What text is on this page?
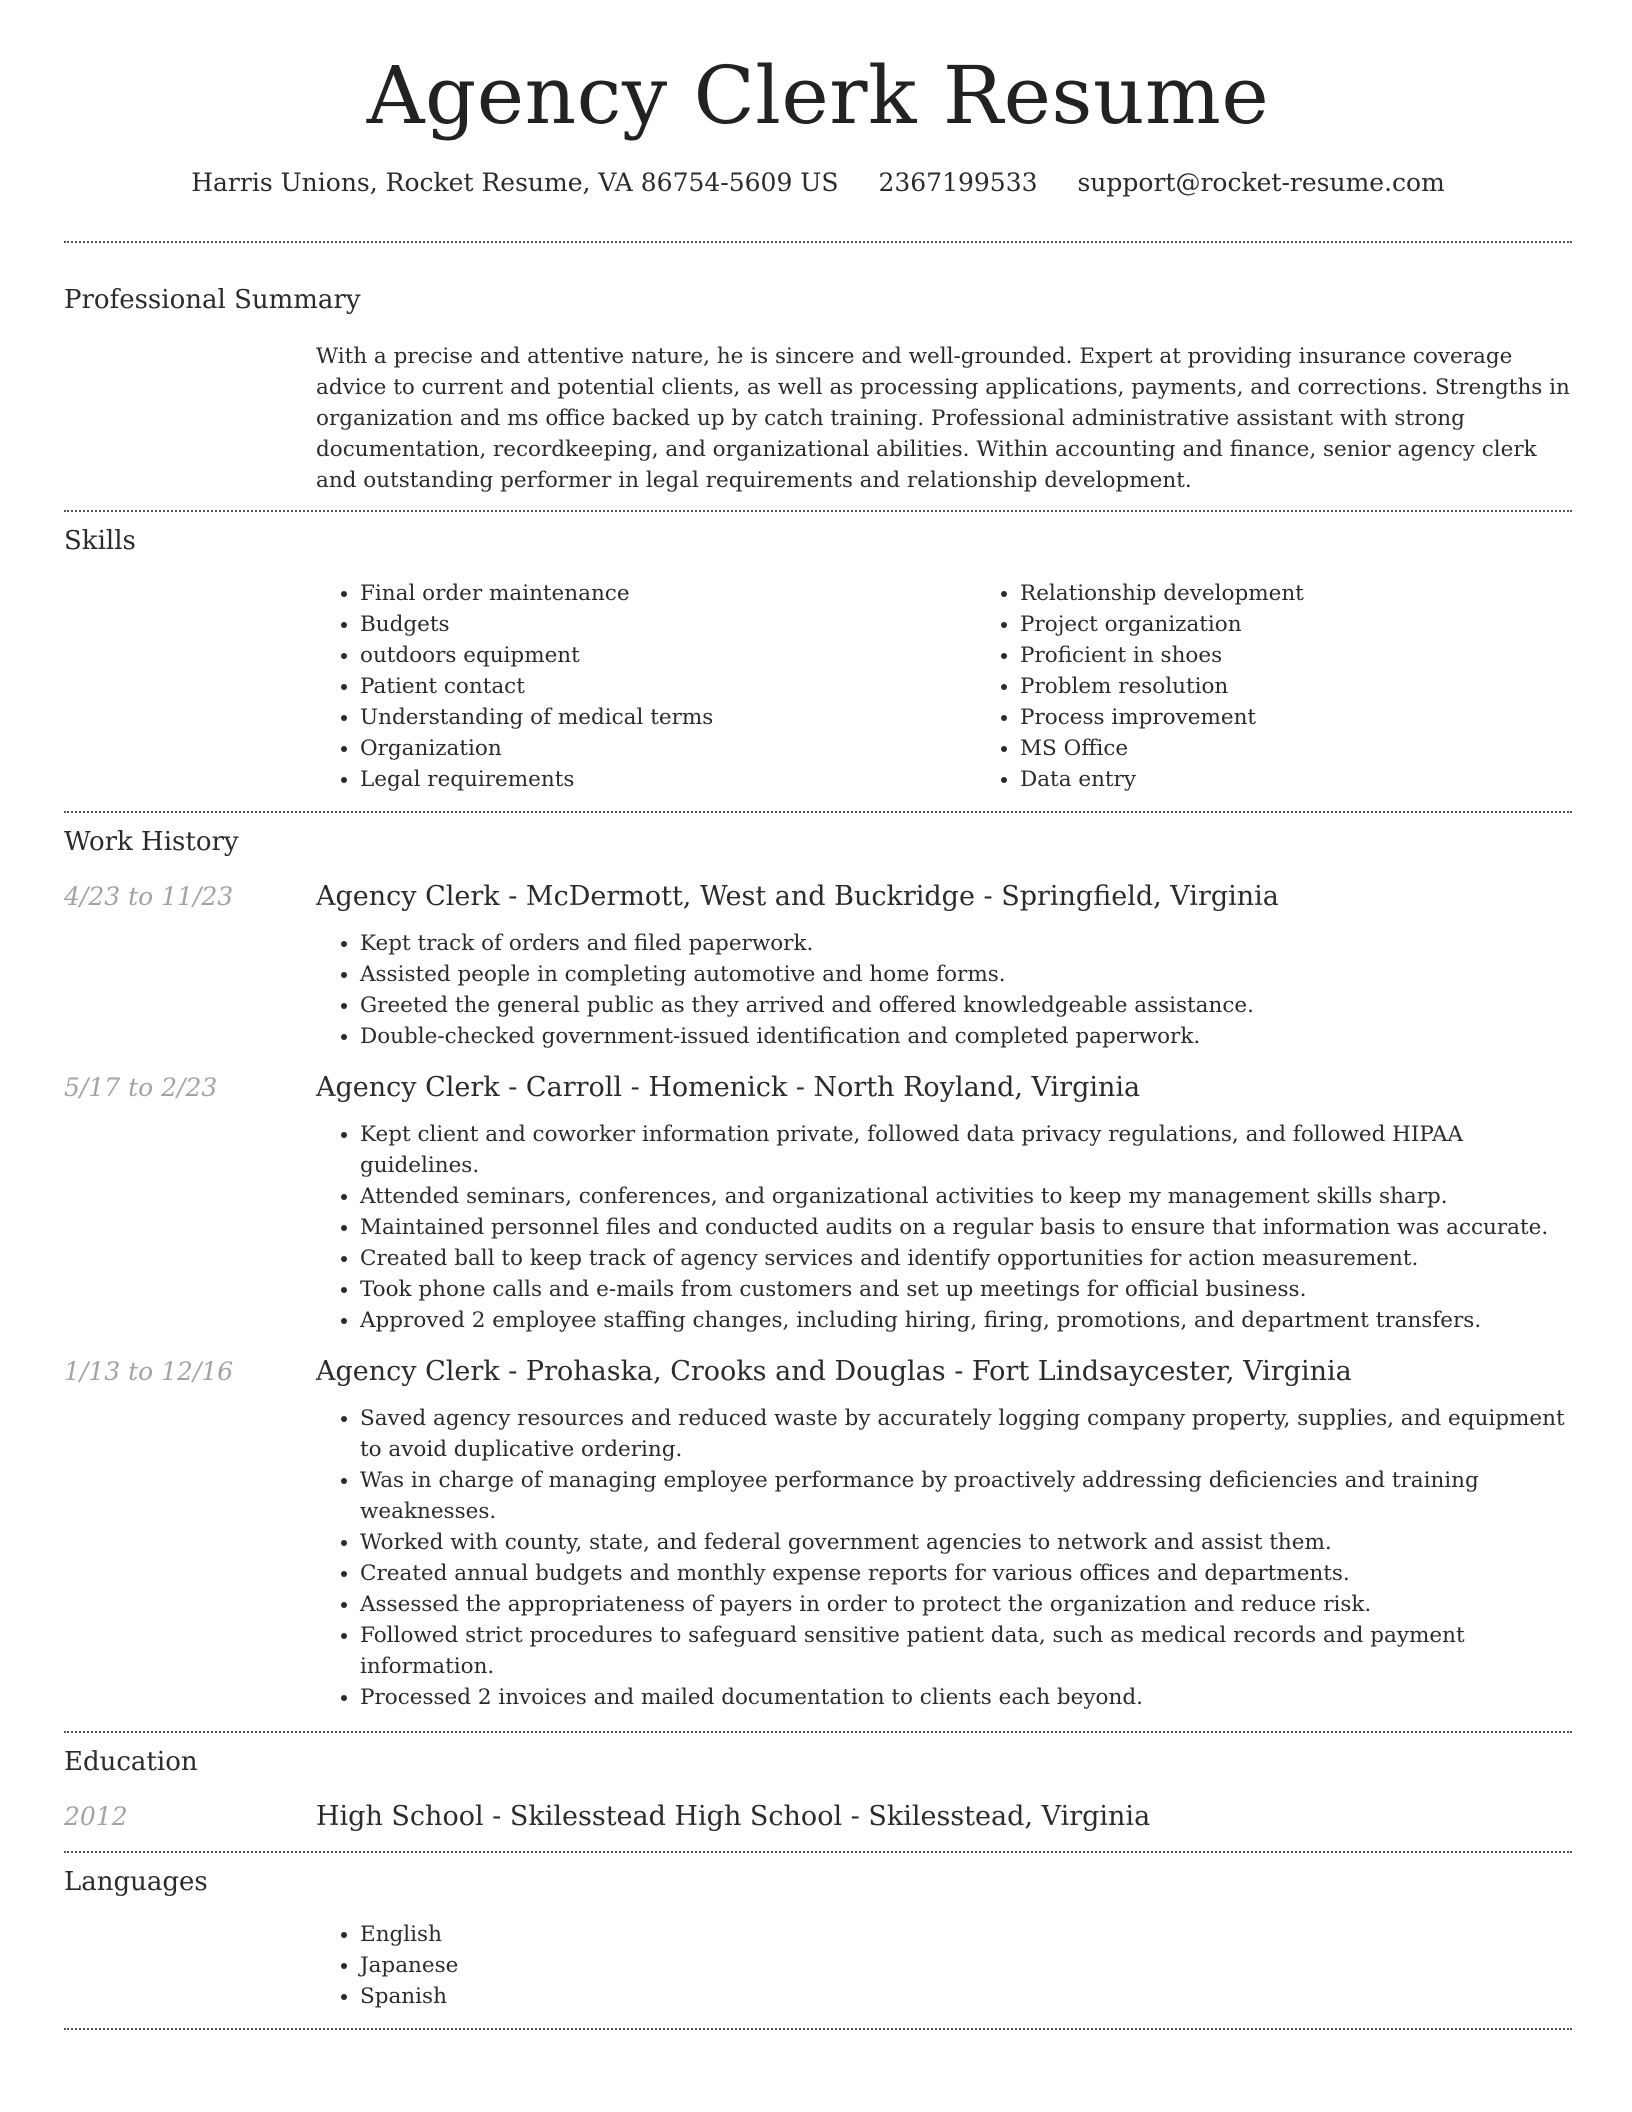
Agency Clerk Resume
Harris Unions, Rocket Resume, VA 86754-5609 US 2367199533 support@rocket-resume.com
Professional Summary

With a precise and attentive nature, he is sincere and well-grounded. Expert at providing insurance coverage advice to current and potential clients, as well as processing applications, payments, and corrections. Strengths in organization and ms office backed up by catch training. Professional administrative assistant with strong documentation, recordkeeping, and organizational abilities. Within accounting and finance, senior agency clerk and outstanding performer in legal requirements and relationship development.

Skills
• Final order maintenance
• Budgets
• outdoors equipment
• Patient contact
• Understanding of medical terms
• Organization
• Legal requirements
• Relationship development
• Project organization
• Proficient in shoes
• Problem resolution
• Process improvement
• MS Office
• Data entry
Work History
4/23 to 11/23	Agency Clerk - McDermott, West and Buckridge - Springfield, Virginia
• Kept track of orders and filed paperwork.
• Assisted people in completing automotive and home forms.
• Greeted the general public as they arrived and offered knowledgeable assistance.
• Double-checked government-issued identification and completed paperwork.
5/17 to 2/23	Agency Clerk - Carroll - Homenick - North Royland, Virginia
• Kept client and coworker information private, followed data privacy regulations, and followed HIPAA guidelines.
• Attended seminars, conferences, and organizational activities to keep my management skills sharp.
• Maintained personnel files and conducted audits on a regular basis to ensure that information was accurate.
• Created ball to keep track of agency services and identify opportunities for action measurement.
• Took phone calls and e-mails from customers and set up meetings for official business.
• Approved 2 employee staffing changes, including hiring, firing, promotions, and department transfers.
1/13 to 12/16	Agency Clerk - Prohaska, Crooks and Douglas - Fort Lindsaycester, Virginia
• Saved agency resources and reduced waste by accurately logging company property, supplies, and equipment to avoid duplicative ordering.
• Was in charge of managing employee performance by proactively addressing deficiencies and training weaknesses.
• Worked with county, state, and federal government agencies to network and assist them.
• Created annual budgets and monthly expense reports for various offices and departments.
• Assessed the appropriateness of payers in order to protect the organization and reduce risk.
• Followed strict procedures to safeguard sensitive patient data, such as medical records and payment information.
• Processed 2 invoices and mailed documentation to clients each beyond.
Education
2012	High School - Skilesstead High School - Skilesstead, Virginia
Languages
• English
• Japanese
• Spanish
